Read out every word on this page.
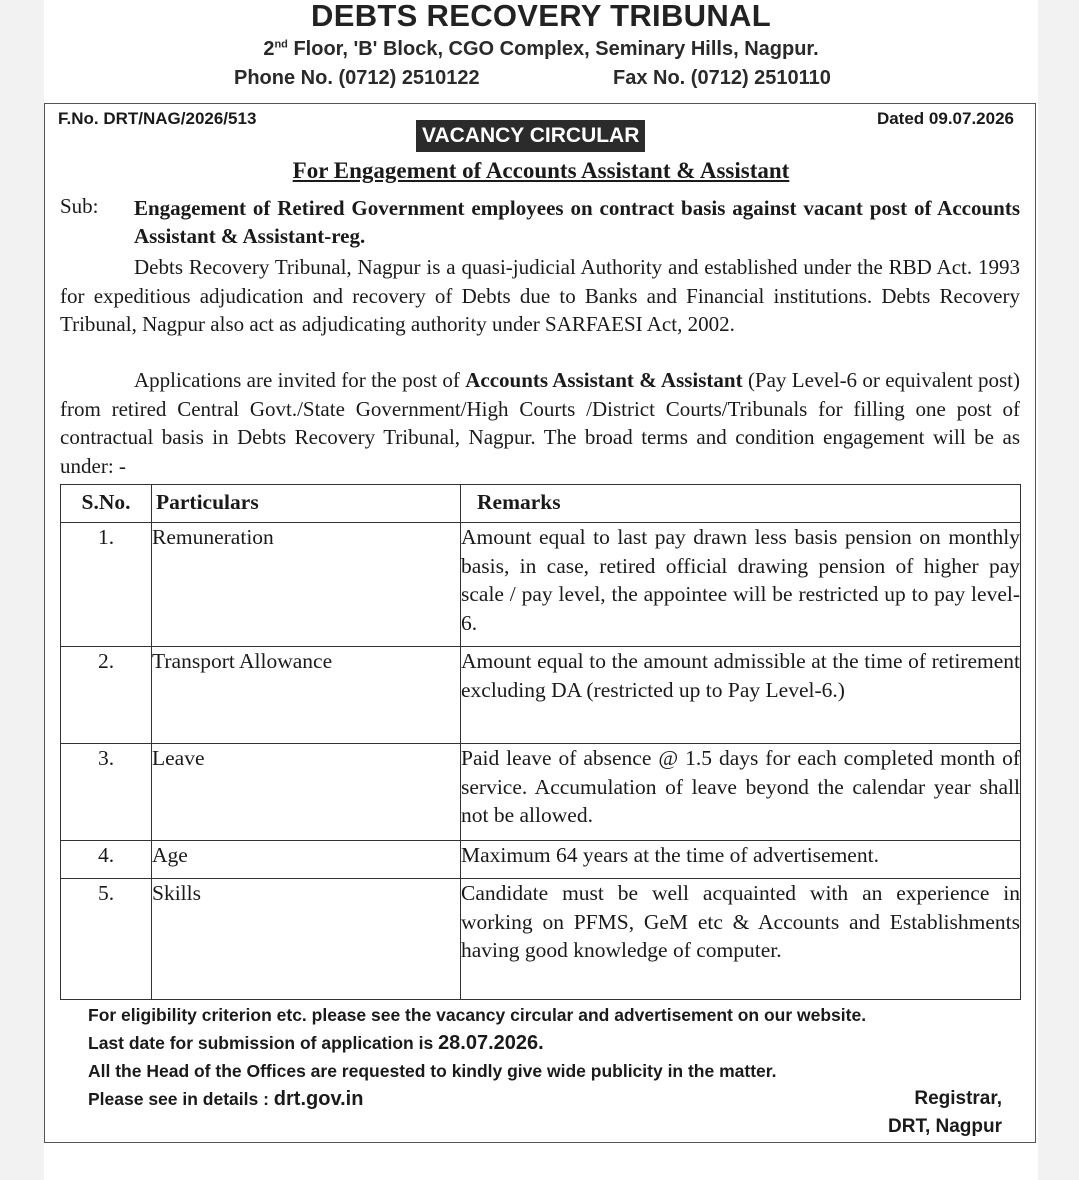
DEBTS RECOVERY TRIBUNAL
2nd Floor, 'B' Block, CGO Complex, Seminary Hills, Nagpur.
Phone No. (0712) 2510122	Fax No. (0712) 2510110
F.No. DRT/NAG/2026/513	Dated 09.07.2026
VACANCY CIRCULAR
For Engagement of Accounts Assistant & Assistant
Sub: Engagement of Retired Government employees on contract basis against vacant post of Accounts Assistant & Assistant-reg.
Debts Recovery Tribunal, Nagpur is a quasi-judicial Authority and established under the RBD Act. 1993 for expeditious adjudication and recovery of Debts due to Banks and Financial institutions. Debts Recovery Tribunal, Nagpur also act as adjudicating authority under SARFAESI Act, 2002.
Applications are invited for the post of Accounts Assistant & Assistant (Pay Level-6 or equivalent post) from retired Central Govt./State Government/High Courts /District Courts/Tribunals for filling one post of contractual basis in Debts Recovery Tribunal, Nagpur. The broad terms and condition engagement will be as under: -
S.No.	Particulars	Remarks
1.	Remuneration	Amount equal to last pay drawn less basis pension on monthly basis, in case, retired official drawing pension of higher pay scale / pay level, the appointee will be restricted up to pay level-6.
2.	Transport Allowance	Amount equal to the amount admissible at the time of retirement excluding DA (restricted up to Pay Level-6.)
3.	Leave	Paid leave of absence @ 1.5 days for each completed month of service. Accumulation of leave beyond the calendar year shall not be allowed.
4.	Age	Maximum 64 years at the time of advertisement.
5.	Skills	Candidate must be well acquainted with an experience in working on PFMS, GeM etc & Accounts and Establishments having good knowledge of computer.
For eligibility criterion etc. please see the vacancy circular and advertisement on our website.
Last date for submission of application is 28.07.2026.
All the Head of the Offices are requested to kindly give wide publicity in the matter.
Please see in details : drt.gov.in	Registrar,
DRT, Nagpur
